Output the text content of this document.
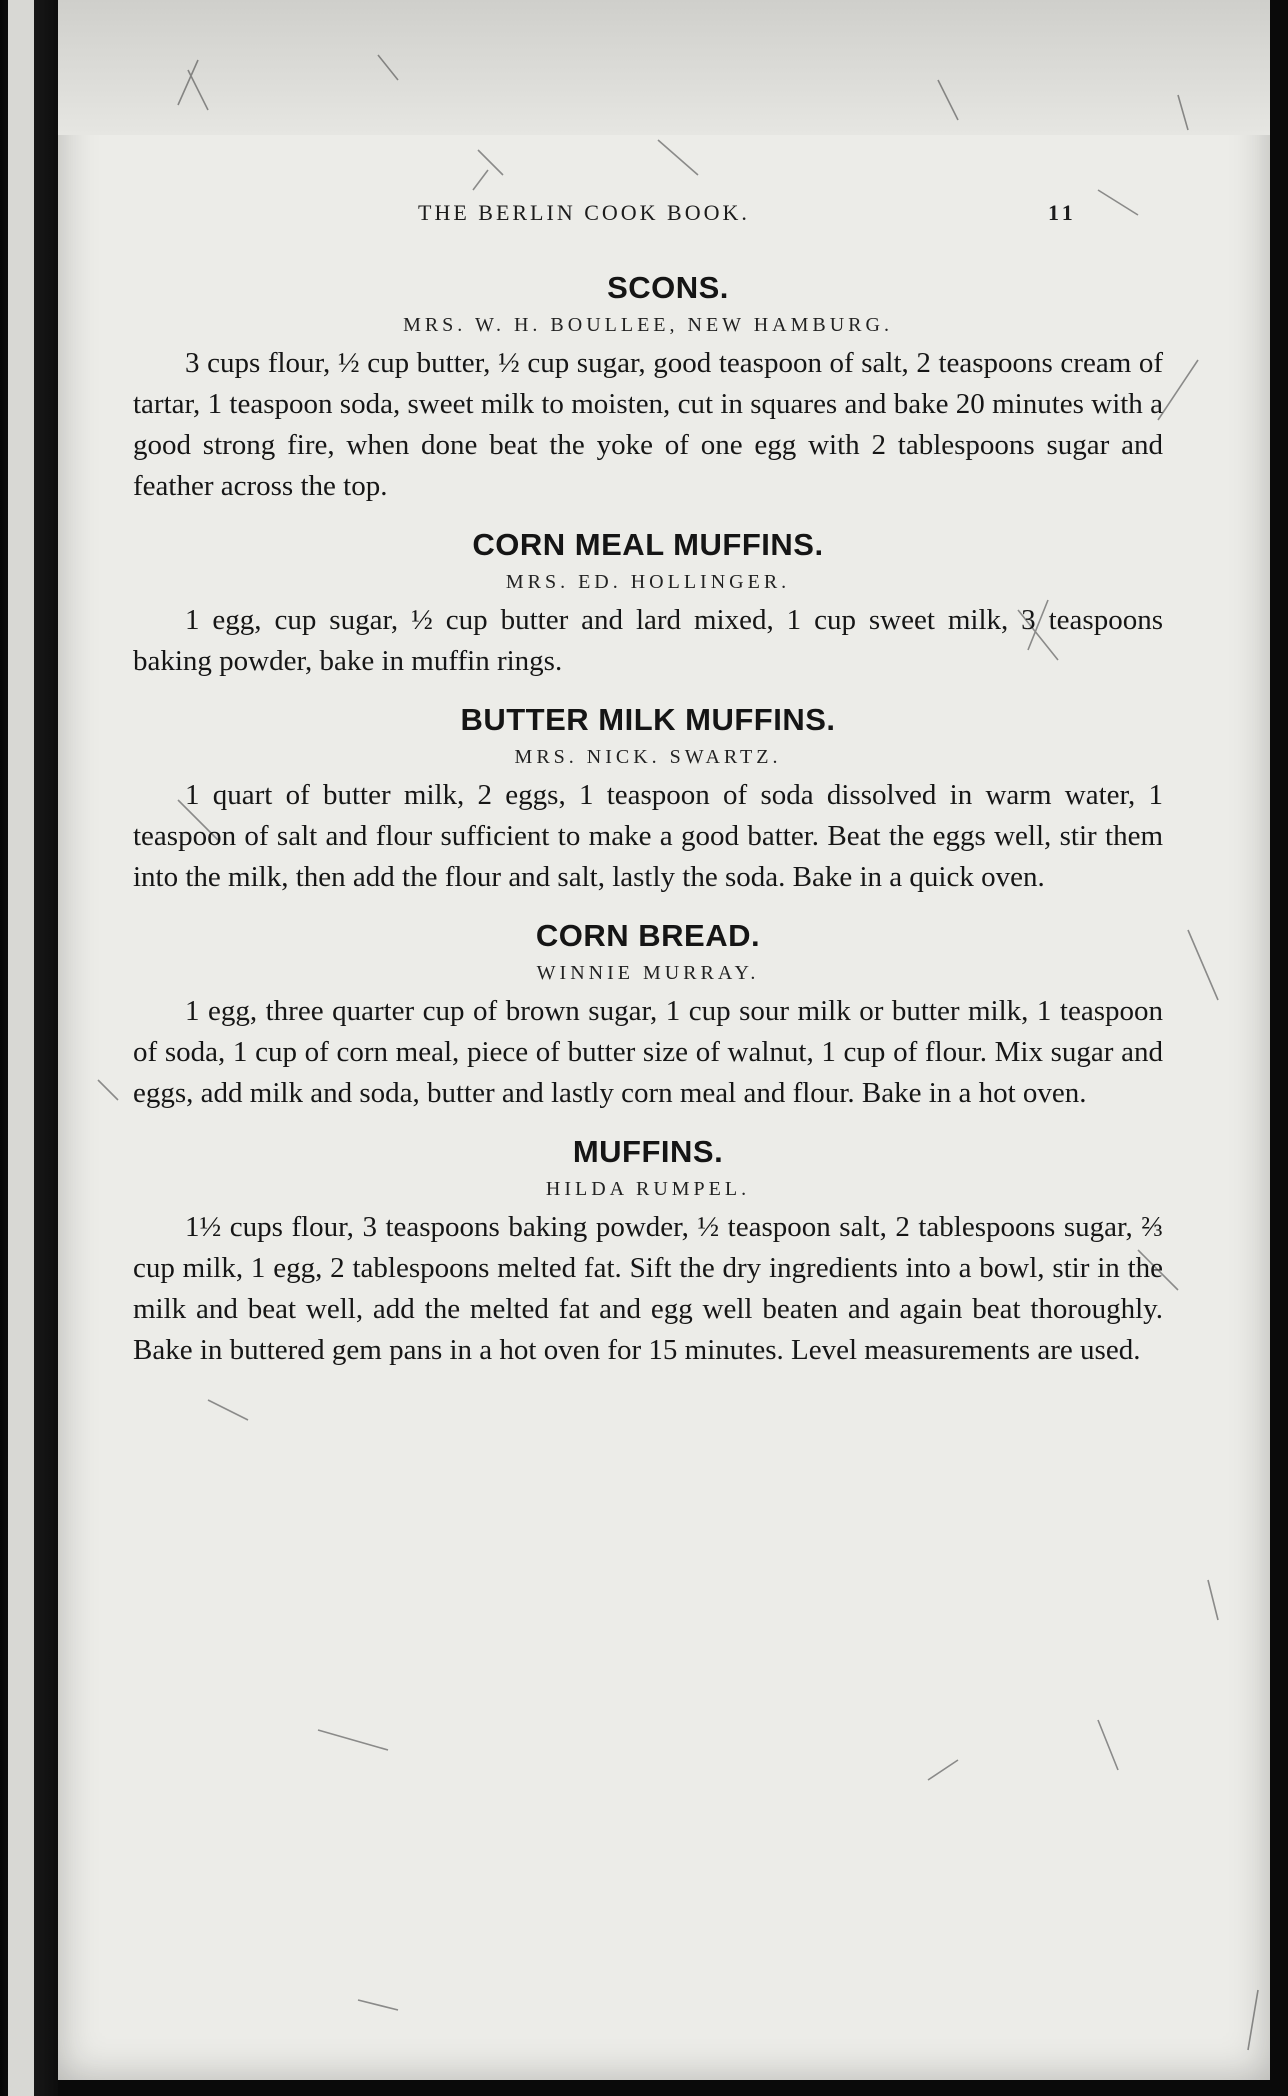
THE BERLIN COOK BOOK.	11
SCONS.
MRS. W. H. BOULLEE, NEW HAMBURG.

3 cups flour, ½ cup butter, ½ cup sugar, good teaspoon of salt, 2 teaspoons cream of tartar, 1 teaspoon soda, sweet milk to moisten, cut in squares and bake 20 minutes with a good strong fire, when done beat the yoke of one egg with 2 tablespoons sugar and feather across the top.

CORN MEAL MUFFINS.
MRS. ED. HOLLINGER.

1 egg, cup sugar, ½ cup butter and lard mixed, 1 cup sweet milk, 3 teaspoons baking powder, bake in muffin rings.

BUTTER MILK MUFFINS.
MRS. NICK. SWARTZ.

1 quart of butter milk, 2 eggs, 1 teaspoon of soda dissolved in warm water, 1 teaspoon of salt and flour sufficient to make a good batter. Beat the eggs well, stir them into the milk, then add the flour and salt, lastly the soda. Bake in a quick oven.

CORN BREAD.
WINNIE MURRAY.

1 egg, three quarter cup of brown sugar, 1 cup sour milk or butter milk, 1 teaspoon of soda, 1 cup of corn meal, piece of butter size of walnut, 1 cup of flour. Mix sugar and eggs, add milk and soda, butter and lastly corn meal and flour. Bake in a hot oven.

MUFFINS.
HILDA RUMPEL.

1½ cups flour, 3 teaspoons baking powder, ½ teaspoon salt, 2 tablespoons sugar, ⅔ cup milk, 1 egg, 2 tablespoons melted fat. Sift the dry ingredients into a bowl, stir in the milk and beat well, add the melted fat and egg well beaten and again beat thoroughly. Bake in buttered gem pans in a hot oven for 15 minutes. Level measurements are used.
